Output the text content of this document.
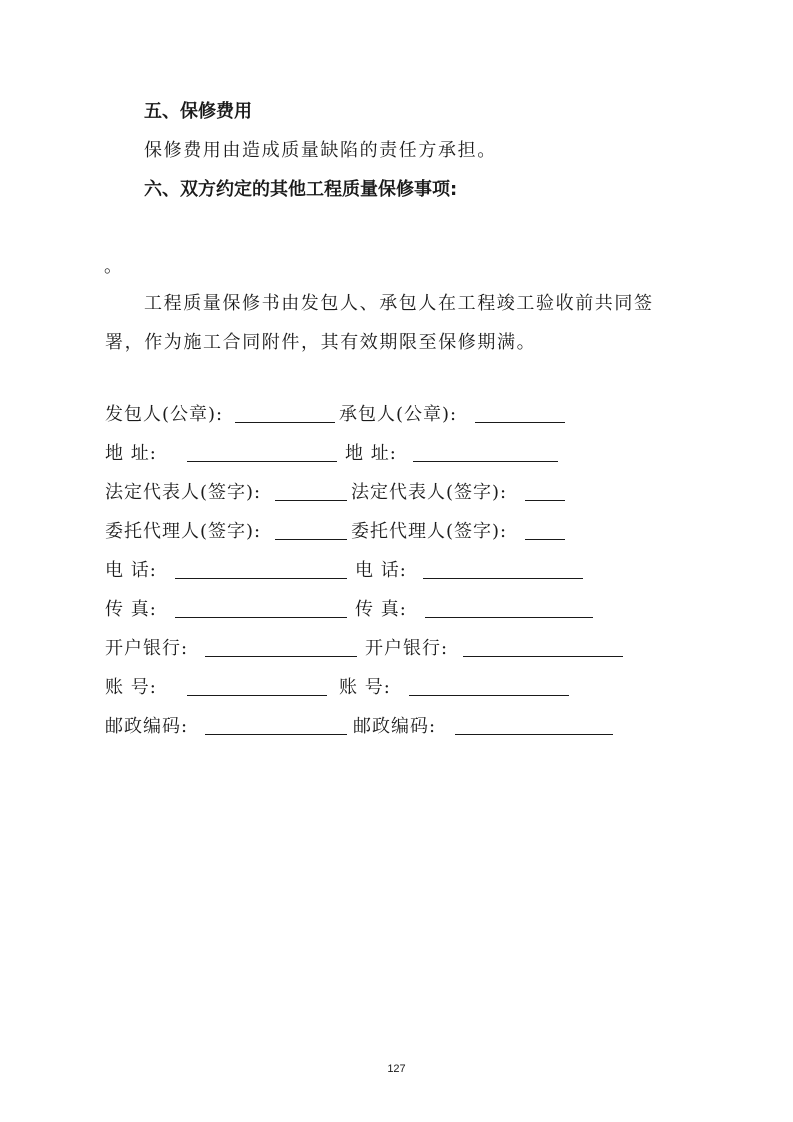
五、保修费用
保修费用由造成质量缺陷的责任方承担。
六、双方约定的其他工程质量保修事项:
。
工程质量保修书由发包人、承包人在工程竣工验收前共同签
署，作为施工合同附件，其有效期限至保修期满。
发包人(公章):	承包人(公章):
地 址:	地 址:
法定代表人(签字):	法定代表人(签字):
委托代理人(签字):	委托代理人(签字):
电 话:	电 话:
传 真:	传 真:
开户银行:	开户银行:
账 号:	账 号:
邮政编码:	邮政编码:
127
